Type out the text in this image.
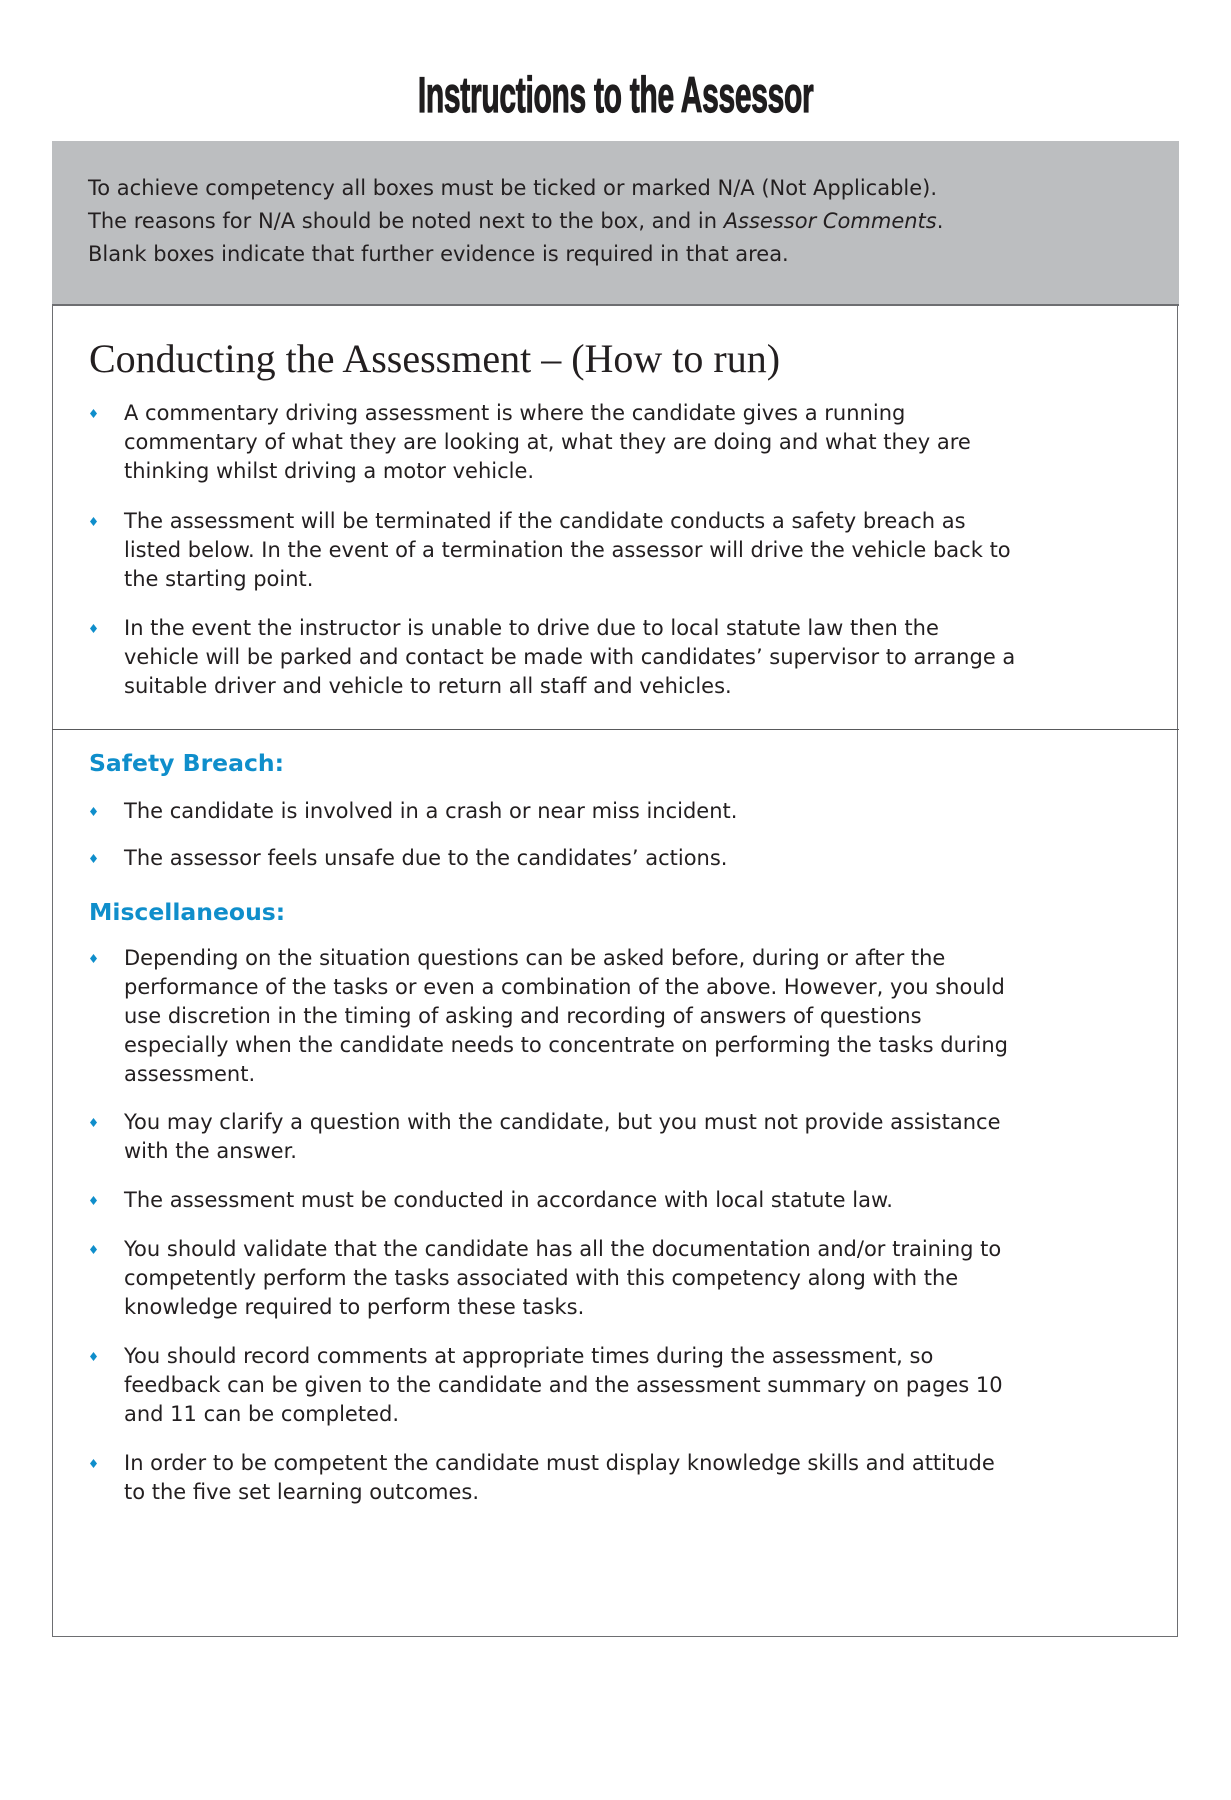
Instructions to the Assessor
To achieve competency all boxes must be ticked or marked N/A (Not Applicable).
The reasons for N/A should be noted next to the box, and in Assessor Comments.
Blank boxes indicate that further evidence is required in that area.
Conducting the Assessment – (How to run)
A commentary driving assessment is where the candidate gives a running
commentary of what they are looking at, what they are doing and what they are
thinking whilst driving a motor vehicle.
The assessment will be terminated if the candidate conducts a safety breach as
listed below. In the event of a termination the assessor will drive the vehicle back to
the starting point.
In the event the instructor is unable to drive due to local statute law then the
vehicle will be parked and contact be made with candidates’ supervisor to arrange a
suitable driver and vehicle to return all staff and vehicles.
Safety Breach:
The candidate is involved in a crash or near miss incident.
The assessor feels unsafe due to the candidates’ actions.
Miscellaneous:
Depending on the situation questions can be asked before, during or after the
performance of the tasks or even a combination of the above. However, you should
use discretion in the timing of asking and recording of answers of questions
especially when the candidate needs to concentrate on performing the tasks during
assessment.
You may clarify a question with the candidate, but you must not provide assistance
with the answer.
The assessment must be conducted in accordance with local statute law.
You should validate that the candidate has all the documentation and/or training to
competently perform the tasks associated with this competency along with the
knowledge required to perform these tasks.
You should record comments at appropriate times during the assessment, so
feedback can be given to the candidate and the assessment summary on pages 10
and 11 can be completed.
In order to be competent the candidate must display knowledge skills and attitude
to the five set learning outcomes.
